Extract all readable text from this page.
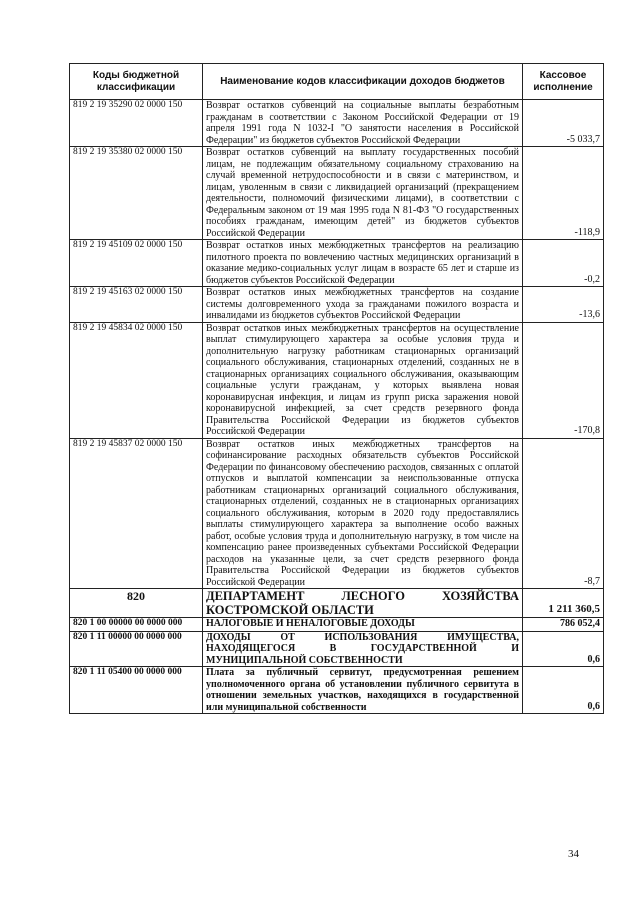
Коды бюджетной классификации	Наименование кодов классификации доходов бюджетов	Кассовое исполнение
819 2 19 35290 02 0000 150	Возврат остатков субвенций на социальные выплаты безработным гражданам в соответствии с Законом Российской Федерации от 19 апреля 1991 года N 1032-I "О занятости населения в Российской Федерации" из бюджетов субъектов Российской Федерации	-5 033,7
819 2 19 35380 02 0000 150	Возврат остатков субвенций на выплату государственных пособий лицам, не подлежащим обязательному социальному страхованию на случай временной нетрудоспособности и в связи с материнством, и лицам, уволенным в связи с ликвидацией организаций (прекращением деятельности, полномочий физическими лицами), в соответствии с Федеральным законом от 19 мая 1995 года N 81-ФЗ "О государственных пособиях гражданам, имеющим детей" из бюджетов субъектов Российской Федерации	-118,9
819 2 19 45109 02 0000 150	Возврат остатков иных межбюджетных трансфертов на реализацию пилотного проекта по вовлечению частных медицинских организаций в оказание медико-социальных услуг лицам в возрасте 65 лет и старше из бюджетов субъектов Российской Федерации	-0,2
819 2 19 45163 02 0000 150	Возврат остатков иных межбюджетных трансфертов на создание системы долговременного ухода за гражданами пожилого возраста и инвалидами из бюджетов субъектов Российской Федерации	-13,6
819 2 19 45834 02 0000 150	Возврат остатков иных межбюджетных трансфертов на осуществление выплат стимулирующего характера за особые условия труда и дополнительную нагрузку работникам стационарных организаций социального обслуживания, стационарных отделений, созданных не в стационарных организациях социального обслуживания, оказывающим социальные услуги гражданам, у которых выявлена новая коронавирусная инфекция, и лицам из групп риска заражения новой коронавирусной инфекцией, за счет средств резервного фонда Правительства Российской Федерации из бюджетов субъектов Российской Федерации	-170,8
819 2 19 45837 02 0000 150	Возврат остатков иных межбюджетных трансфертов на софинансирование расходных обязательств субъектов Российской Федерации по финансовому обеспечению расходов, связанных с оплатой отпусков и выплатой компенсации за неиспользованные отпуска работникам стационарных организаций социального обслуживания, стационарных отделений, созданных не в стационарных организациях социального обслуживания, которым в 2020 году предоставлялись выплаты стимулирующего характера за выполнение особо важных работ, особые условия труда и дополнительную нагрузку, в том числе на компенсацию ранее произведенных субъектами Российской Федерации расходов на указанные цели, за счет средств резервного фонда Правительства Российской Федерации из бюджетов субъектов Российской Федерации	-8,7
820	ДЕПАРТАМЕНТ ЛЕСНОГО ХОЗЯЙСТВА КОСТРОМСКОЙ ОБЛАСТИ	1 211 360,5
820 1 00 00000 00 0000 000	НАЛОГОВЫЕ И НЕНАЛОГОВЫЕ ДОХОДЫ	786 052,4
820 1 11 00000 00 0000 000	ДОХОДЫ ОТ ИСПОЛЬЗОВАНИЯ ИМУЩЕСТВА, НАХОДЯЩЕГОСЯ В ГОСУДАРСТВЕННОЙ И МУНИЦИПАЛЬНОЙ СОБСТВЕННОСТИ	0,6
820 1 11 05400 00 0000 000	Плата за публичный сервитут, предусмотренная решением уполномоченного органа об установлении публичного сервитута в отношении земельных участков, находящихся в государственной или муниципальной собственности	0,6
34
